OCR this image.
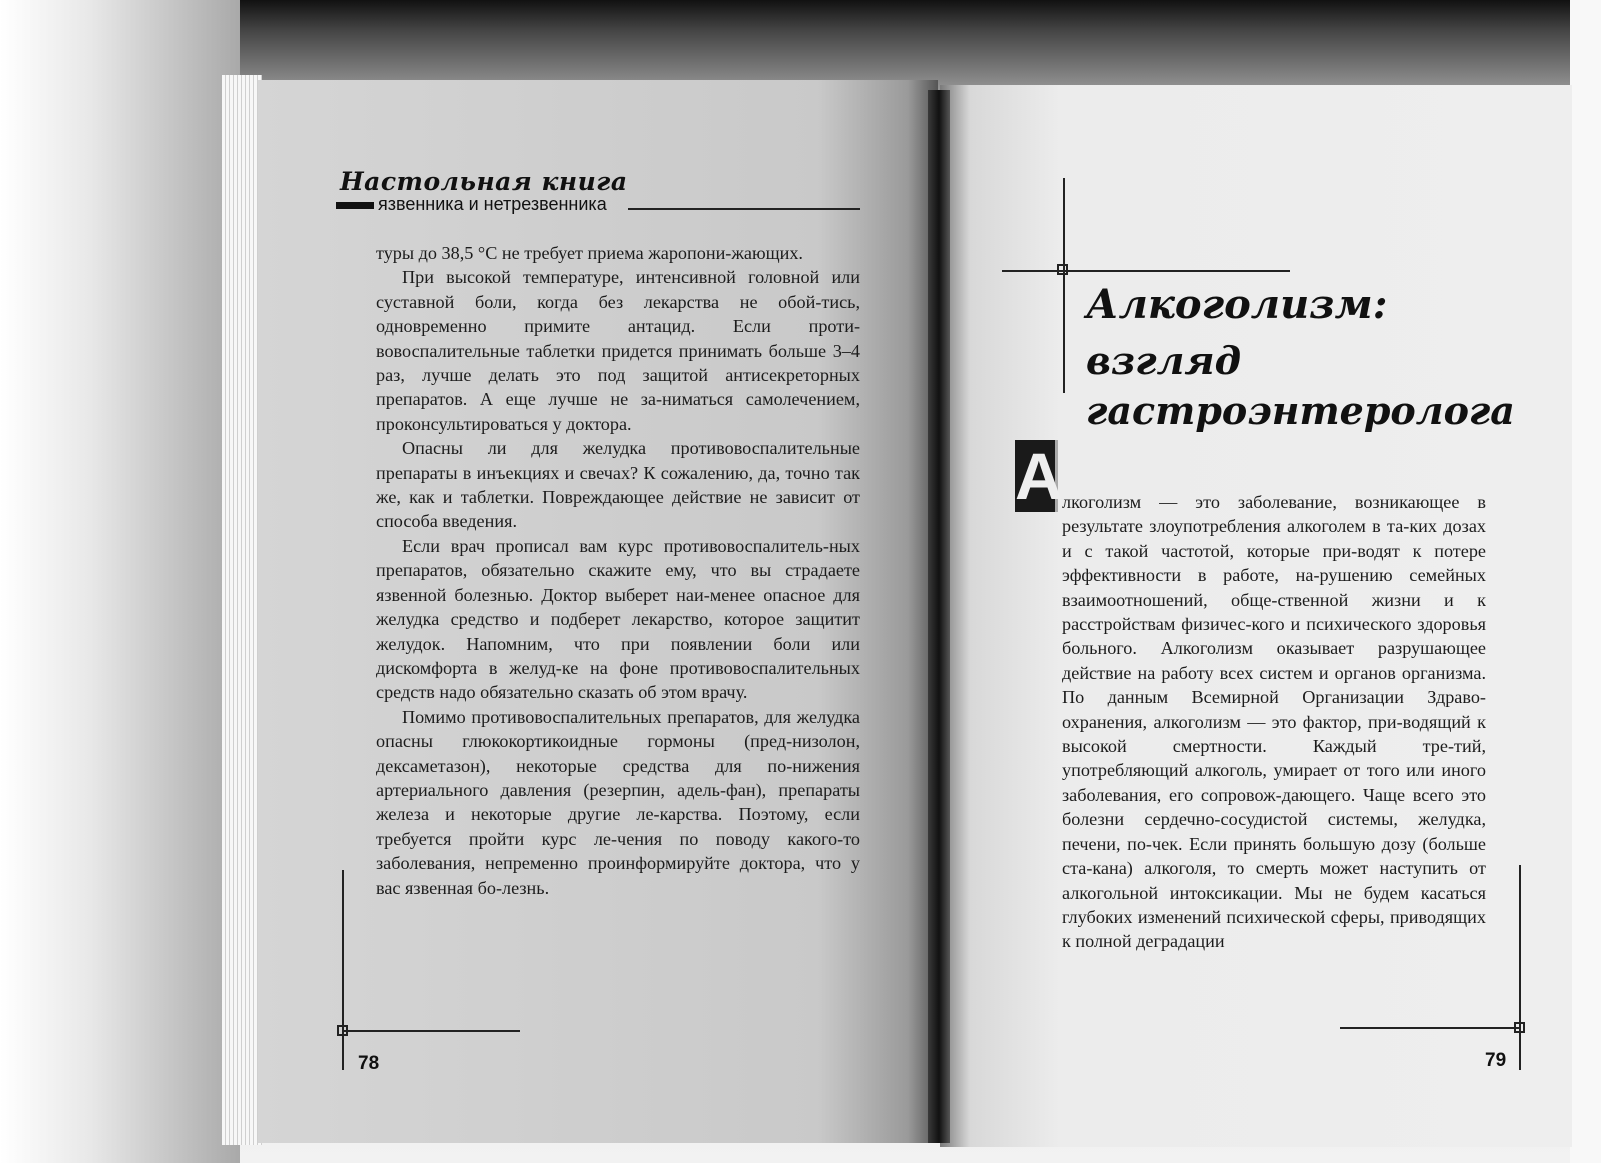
Настольная книга
язвенника и нетрезвенника

туры до 38,5 °С не требует приема жаропони-жающих.

При высокой температуре, интенсивной головной или суставной боли, когда без лекарства не обой-тись, одновременно примите антацид. Если проти-вовоспалительные таблетки придется принимать больше 3–4 раз, лучше делать это под защитой антисекреторных препаратов. А еще лучше не за-ниматься самолечением, проконсультироваться у доктора.

Опасны ли для желудка противовоспалительные препараты в инъекциях и свечах? К сожалению, да, точно так же, как и таблетки. Повреждающее действие не зависит от способа введения.

Если врач прописал вам курс противовоспалитель-ных препаратов, обязательно скажите ему, что вы страдаете язвенной болезнью. Доктор выберет наи-менее опасное для желудка средство и подберет лекарство, которое защитит желудок. Напомним, что при появлении боли или дискомфорта в желуд-ке на фоне противовоспалительных средств надо обязательно сказать об этом врачу.

Помимо противовоспалительных препаратов, для желудка опасны глюкокортикоидные гормоны (пред-низолон, дексаметазон), некоторые средства для по-нижения артериального давления (резерпин, адель-фан), препараты железа и некоторые другие ле-карства. Поэтому, если требуется пройти курс ле-чения по поводу какого-то заболевания, непременно проинформируйте доктора, что у вас язвенная бо-лезнь.

78
Алкоголизм:
взгляд гастроэнтеролога
А лкоголизм — это заболевание, возникающее в результате злоупотребления алкоголем в та-ких дозах и с такой частотой, которые при-водят к потере эффективности в работе, на-рушению семейных взаимоотношений, обще-ственной жизни и к расстройствам физичес-кого и психического здоровья больного. Алкоголизм оказывает разрушающее действие на работу всех систем и органов организма. По данным Всемирной Организации Здраво-охранения, алкоголизм — это фактор, при-водящий к высокой смертности. Каждый тре-тий, употребляющий алкоголь, умирает от того или иного заболевания, его сопровож-дающего. Чаще всего это болезни сердечно-сосудистой системы, желудка, печени, по-чек. Если принять большую дозу (больше ста-кана) алкоголя, то смерть может наступить от алкогольной интоксикации. Мы не будем касаться глубоких изменений психической сферы, приводящих к полной деградации

79
